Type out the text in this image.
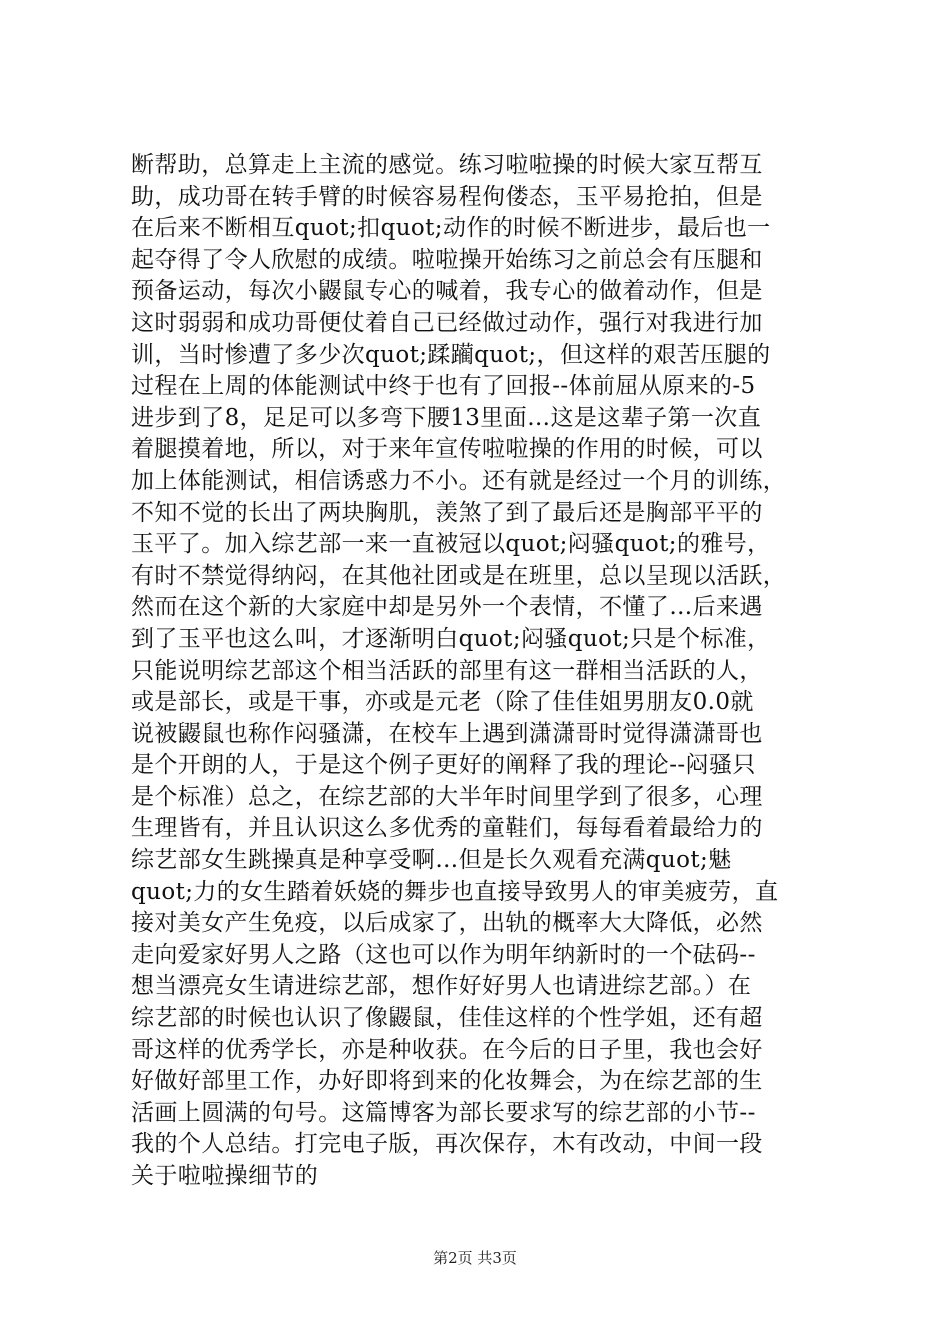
断帮助，总算走上主流的感觉。练习啦啦操的时候大家互帮互
助，成功哥在转手臂的时候容易程佝偻态，玉平易抢拍，但是
在后来不断相互quot;扣quot;动作的时候不断进步，最后也一
起夺得了令人欣慰的成绩。啦啦操开始练习之前总会有压腿和
预备运动，每次小鼹鼠专心的喊着，我专心的做着动作，但是
这时弱弱和成功哥便仗着自己已经做过动作，强行对我进行加
训，当时惨遭了多少次quot;蹂躏quot;，但这样的艰苦压腿的
过程在上周的体能测试中终于也有了回报--体前屈从原来的-5
进步到了8，足足可以多弯下腰13里面…这是这辈子第一次直
着腿摸着地，所以，对于来年宣传啦啦操的作用的时候，可以
加上体能测试，相信诱惑力不小。还有就是经过一个月的训练，
不知不觉的长出了两块胸肌，羡煞了到了最后还是胸部平平的
玉平了。加入综艺部一来一直被冠以quot;闷骚quot;的雅号，
有时不禁觉得纳闷，在其他社团或是在班里，总以呈现以活跃，
然而在这个新的大家庭中却是另外一个表情，不懂了…后来遇
到了玉平也这么叫，才逐渐明白quot;闷骚quot;只是个标准，
只能说明综艺部这个相当活跃的部里有这一群相当活跃的人，
或是部长，或是干事，亦或是元老（除了佳佳姐男朋友0.0就
说被鼹鼠也称作闷骚潇，在校车上遇到潇潇哥时觉得潇潇哥也
是个开朗的人，于是这个例子更好的阐释了我的理论--闷骚只
是个标准）总之，在综艺部的大半年时间里学到了很多，心理
生理皆有，并且认识这么多优秀的童鞋们，每每看着最给力的
综艺部女生跳操真是种享受啊…但是长久观看充满quot;魅
quot;力的女生踏着妖娆的舞步也直接导致男人的审美疲劳，直
接对美女产生免疫，以后成家了，出轨的概率大大降低，必然
走向爱家好男人之路（这也可以作为明年纳新时的一个砝码--
想当漂亮女生请进综艺部，想作好好男人也请进综艺部。）在
综艺部的时候也认识了像鼹鼠，佳佳这样的个性学姐，还有超
哥这样的优秀学长，亦是种收获。在今后的日子里，我也会好
好做好部里工作，办好即将到来的化妆舞会，为在综艺部的生
活画上圆满的句号。这篇博客为部长要求写的综艺部的小节--
我的个人总结。打完电子版，再次保存，木有改动，中间一段
关于啦啦操细节的
第2页 共3页
